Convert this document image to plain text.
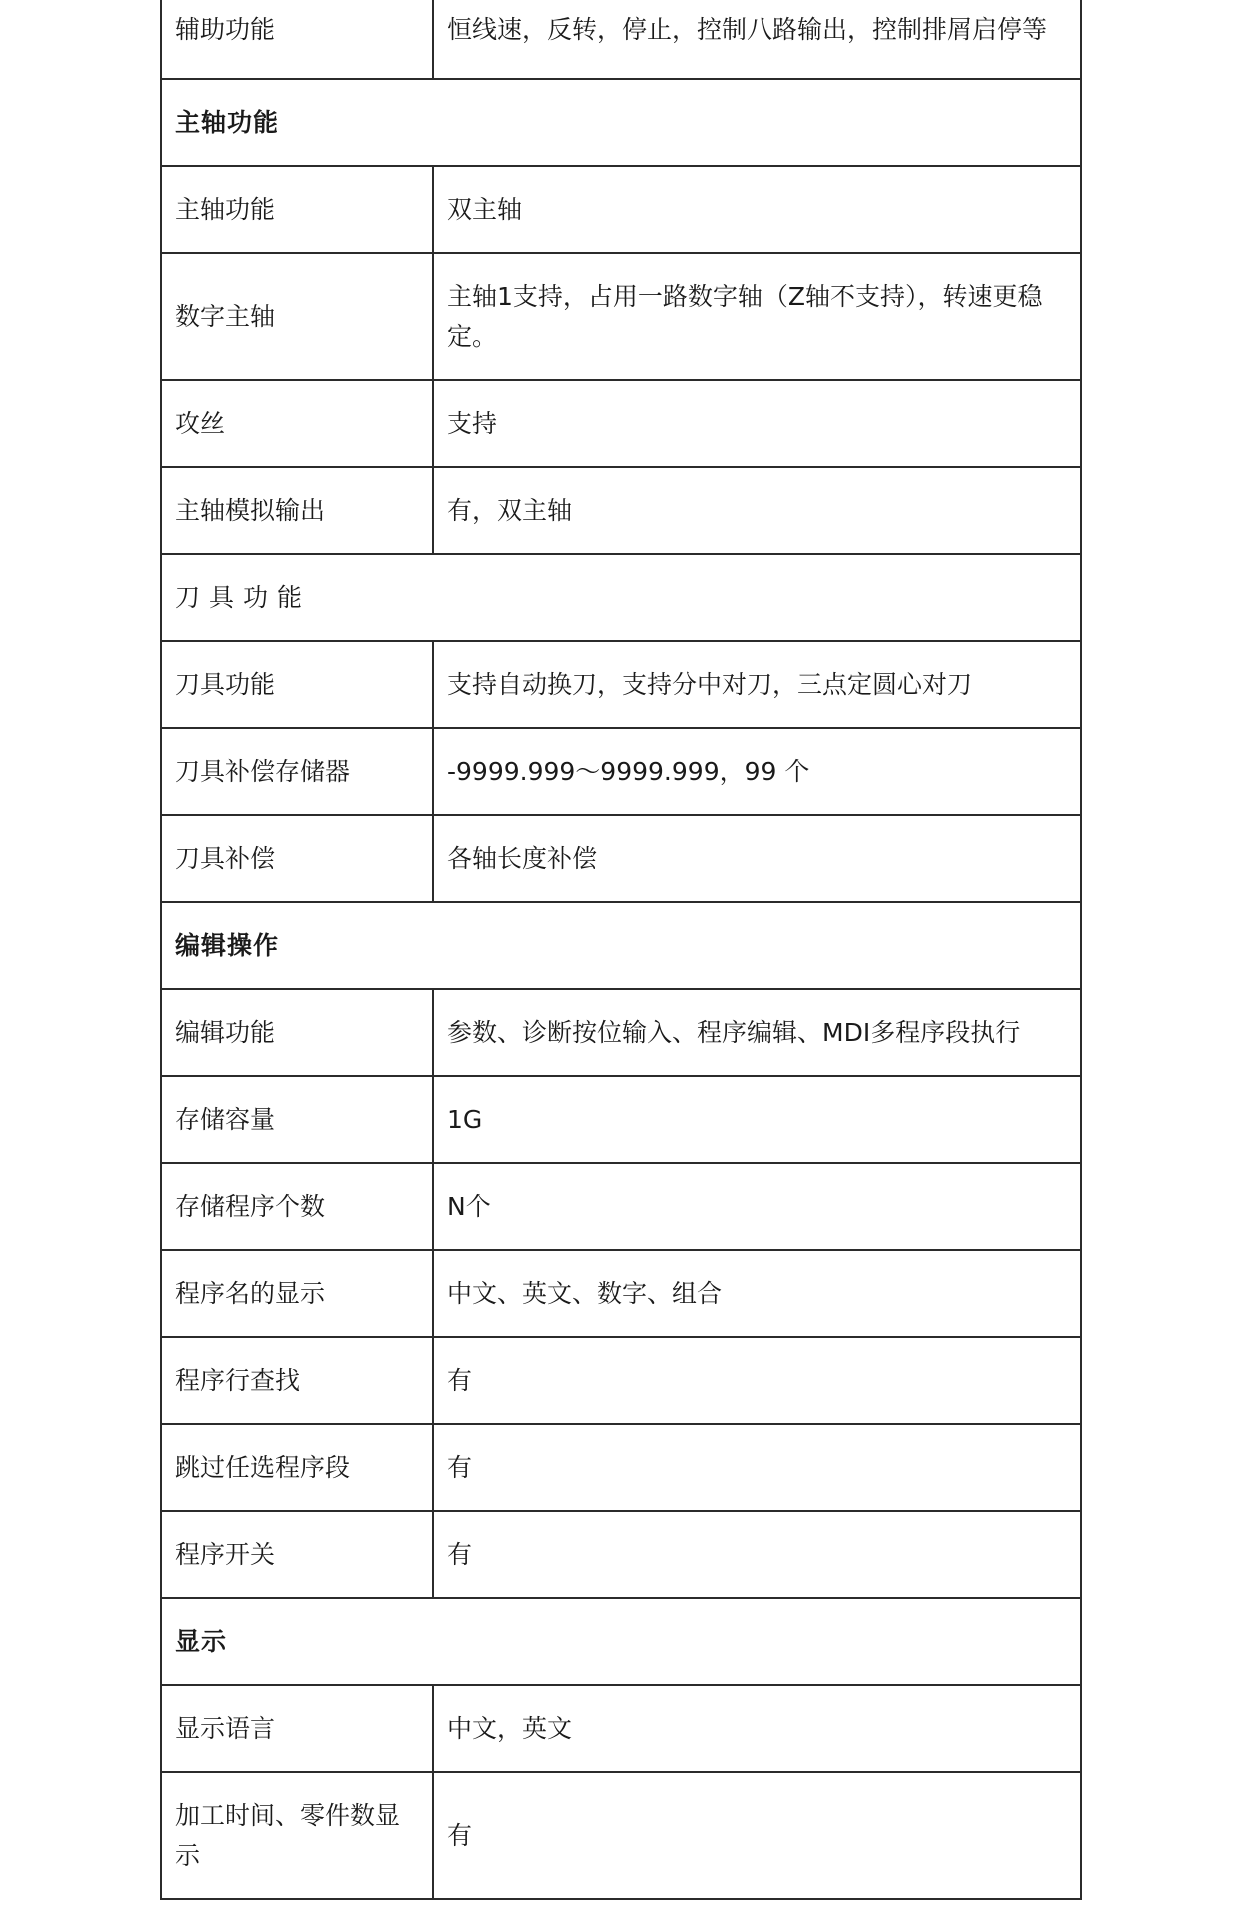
辅助功能	恒线速，反转，停止，控制八路输出，控制排屑启停等
主轴功能	
主轴功能	双主轴
数字主轴	主轴1支持，占用一路数字轴（Z轴不支持），转速更稳定。
攻丝	支持
主轴模拟输出	有，双主轴
刀具功能	
刀具功能	支持自动换刀，支持分中对刀，三点定圆心对刀
刀具补偿存储器	-9999.999～9999.999，99 个
刀具补偿	各轴长度补偿
编辑操作	
编辑功能	参数、诊断按位输入、程序编辑、MDI多程序段执行
存储容量	1G
存储程序个数	N个
程序名的显示	中文、英文、数字、组合
程序行查找	有
跳过任选程序段	有
程序开关	有
显示	
显示语言	中文，英文
加工时间、零件数显示	有
